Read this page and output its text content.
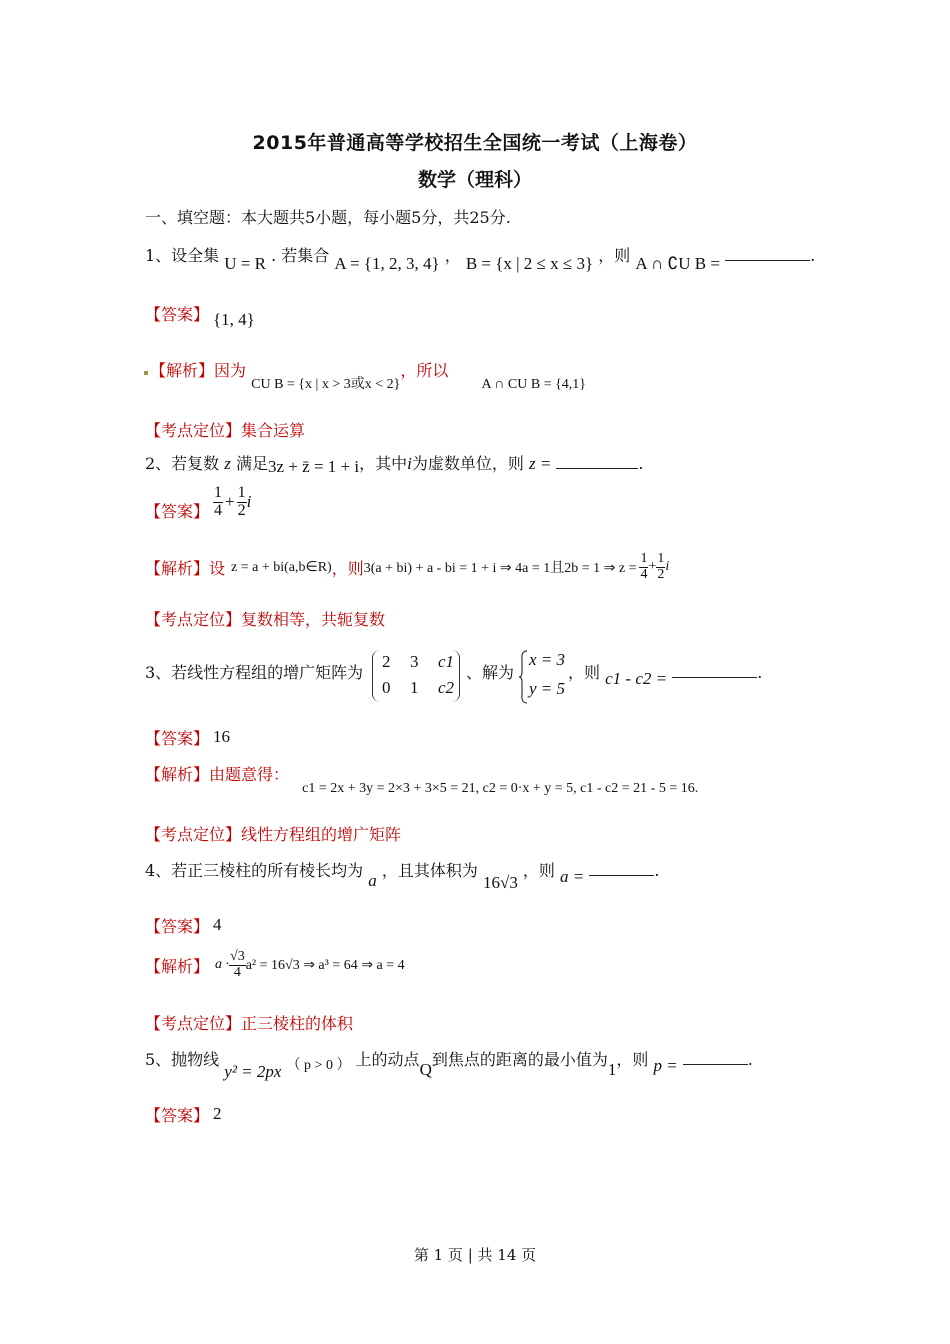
2015年普通高等学校招生全国统一考试（上海卷）
数学（理科）
一、填空题：本大题共5小题，每小题5分，共25分.
1、设全集 U = R . 若集合 A = {1, 2, 3, 4} ， B = {x | 2 ≤ x ≤ 3} ，则 A ∩ ∁U B =	.
【答案】 {1, 4}
【解析】因为 CU B = {x | x > 3或x < 2}，所以 A ∩ CU B = {4,1}
【考点定位】集合运算
2、若复数 z 满足3z + z̄ = 1 + i，其中i为虚数单位，则 z =	.
【答案】 $\frac{1}{4} + \frac{1}{2}$ i
【解析】 设 z = a + bi(a,b∈R) ，则 3(a + bi) + a - bi = 1 + i ⇒ 4a = 1且2b = 1 ⇒ $z = \frac{1}{4} + \frac{1}{2}$ i
【考点定位】复数相等，共轭复数
3、若线性方程组的增广矩阵为
2 3 c1
0 1 c2
、解为
x = 3
y = 5
，则 c1 - c2 =	.
【答案】 16
【解析】由题意得： c1 = 2x + 3y = 2×3 + 3×5 = 21, c2 = 0·x + y = 5, c1 - c2 = 21 - 5 = 16.
【考点定位】线性方程组的增广矩阵
4、若正三棱柱的所有棱长均为 a ，且其体积为 16√3 ，则 a =	.
【答案】 4
【解析】 $a \cdot \frac{√3}{4} a^2 = 16√3$ ⇒ a³ = 64 ⇒ a = 4
【考点定位】正三棱柱的体积
5、抛物线 y² = 2px （ p > 0 ） 上的动点Q到焦点的距离的最小值为1，则 p =	.
【答案】 2
第 1 页 | 共 14 页
